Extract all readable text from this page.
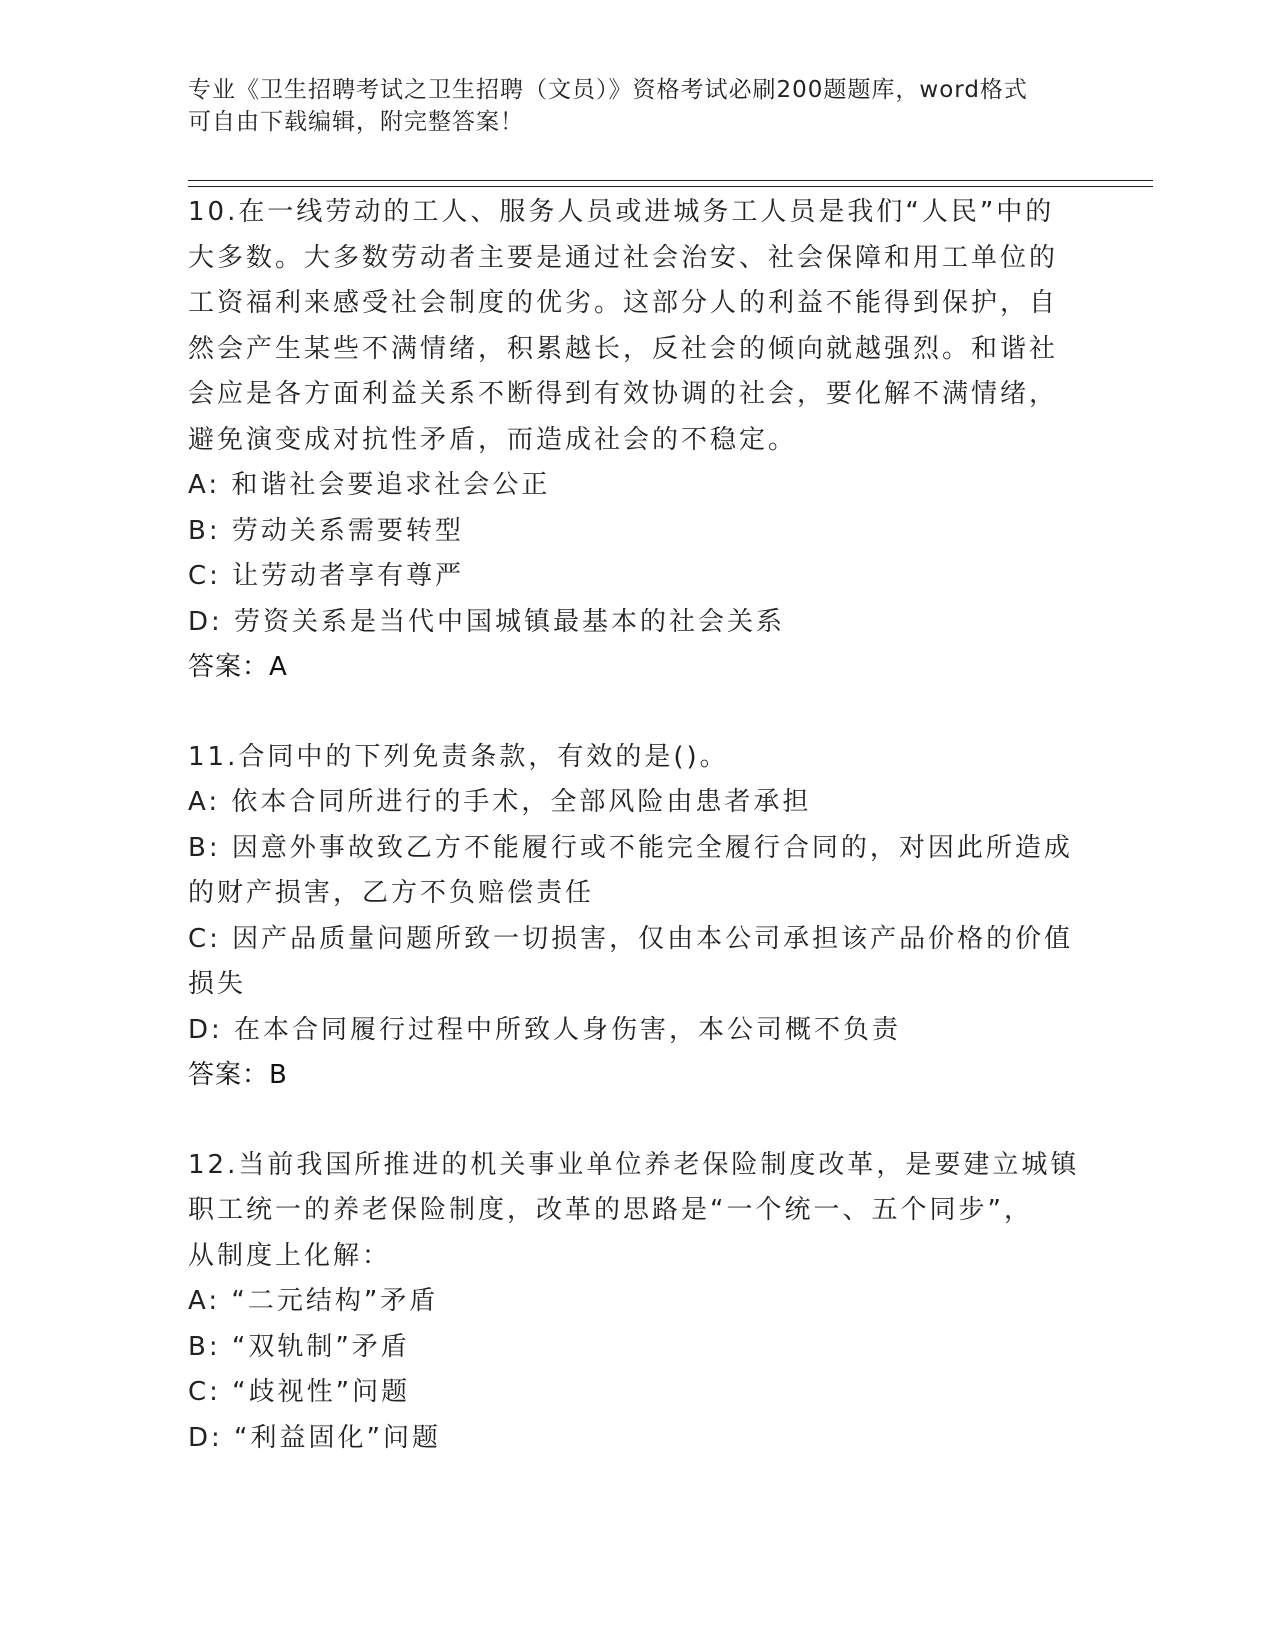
专业《卫生招聘考试之卫生招聘（文员）》资格考试必刷200题题库，word格式
可自由下载编辑，附完整答案！
10.在一线劳动的工人、服务人员或进城务工人员是我们“人民”中的
大多数。大多数劳动者主要是通过社会治安、社会保障和用工单位的
工资福利来感受社会制度的优劣。这部分人的利益不能得到保护，自
然会产生某些不满情绪，积累越长，反社会的倾向就越强烈。和谐社
会应是各方面利益关系不断得到有效协调的社会，要化解不满情绪，
避免演变成对抗性矛盾，而造成社会的不稳定。
A: 和谐社会要追求社会公正
B: 劳动关系需要转型
C: 让劳动者享有尊严
D: 劳资关系是当代中国城镇最基本的社会关系
答案：A
11.合同中的下列免责条款，有效的是()。
A: 依本合同所进行的手术，全部风险由患者承担
B: 因意外事故致乙方不能履行或不能完全履行合同的，对因此所造成
的财产损害，乙方不负赔偿责任
C: 因产品质量问题所致一切损害，仅由本公司承担该产品价格的价值
损失
D: 在本合同履行过程中所致人身伤害，本公司概不负责
答案：B
12.当前我国所推进的机关事业单位养老保险制度改革，是要建立城镇
职工统一的养老保险制度，改革的思路是“一个统一、五个同步”，
从制度上化解：
A: “二元结构”矛盾
B: “双轨制”矛盾
C: “歧视性”问题
D: “利益固化”问题
